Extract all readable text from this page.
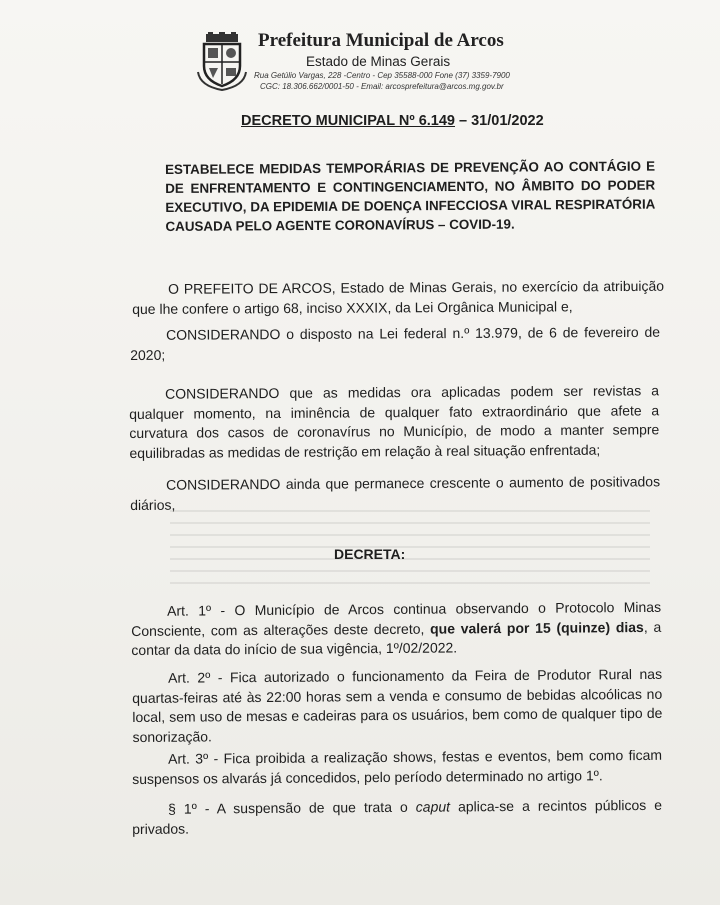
Prefeitura Municipal de Arcos
Estado de Minas Gerais
Rua Getúlio Vargas, 228 -Centro - Cep 35588-000 Fone (37) 3359-7900
CGC: 18.306.662/0001-50 - Email: arcosprefeitura@arcos.mg.gov.br
DECRETO MUNICIPAL Nº 6.149 – 31/01/2022
ESTABELECE MEDIDAS TEMPORÁRIAS DE PREVENÇÃO AO CONTÁGIO E DE ENFRENTAMENTO E CONTINGENCIAMENTO, NO ÂMBITO DO PODER EXECUTIVO, DA EPIDEMIA DE DOENÇA INFECCIOSA VIRAL RESPIRATÓRIA CAUSADA PELO AGENTE CORONAVÍRUS – COVID-19.
O PREFEITO DE ARCOS, Estado de Minas Gerais, no exercício da atribuição que lhe confere o artigo 68, inciso XXXIX, da Lei Orgânica Municipal e,
CONSIDERANDO o disposto na Lei federal n.º 13.979, de 6 de fevereiro de 2020;
CONSIDERANDO que as medidas ora aplicadas podem ser revistas a qualquer momento, na iminência de qualquer fato extraordinário que afete a curvatura dos casos de coronavírus no Município, de modo a manter sempre equilibradas as medidas de restrição em relação à real situação enfrentada;
CONSIDERANDO ainda que permanece crescente o aumento de positivados diários,
DECRETA:
Art. 1º - O Município de Arcos continua observando o Protocolo Minas Consciente, com as alterações deste decreto, que valerá por 15 (quinze) dias, a contar da data do início de sua vigência, 1º/02/2022.
Art. 2º - Fica autorizado o funcionamento da Feira de Produtor Rural nas quartas-feiras até às 22:00 horas sem a venda e consumo de bebidas alcoólicas no local, sem uso de mesas e cadeiras para os usuários, bem como de qualquer tipo de sonorização.
Art. 3º - Fica proibida a realização shows, festas e eventos, bem como ficam suspensos os alvarás já concedidos, pelo período determinado no artigo 1º.
§ 1º - A suspensão de que trata o caput aplica-se a recintos públicos e privados.
